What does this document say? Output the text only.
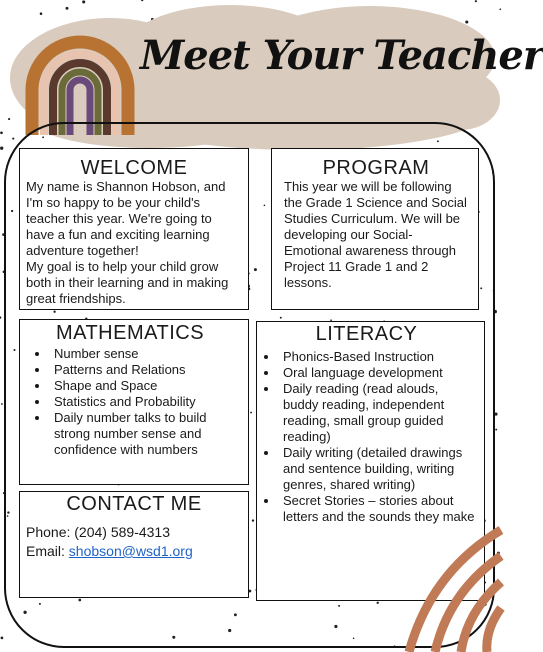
Meet Your Teacher
WELCOME

My name is Shannon Hobson, and I'm so happy to be your child's teacher this year. We're going to have a fun and exciting learning adventure together!

My goal is to help your child grow both in their learning and in making great friendships.

PROGRAM

This year we will be following the Grade 1 Science and Social Studies Curriculum. We will be developing our Social-Emotional awareness through Project 11 Grade 1 and 2 lessons.

MATHEMATICS
• Number sense
• Patterns and Relations
• Shape and Space
• Statistics and Probability
• Daily number talks to build strong number sense and confidence with numbers
LITERACY
• Phonics-Based Instruction
• Oral language development
• Daily reading (read alouds, buddy reading, independent reading, small group guided reading)
• Daily writing (detailed drawings and sentence building, writing genres, shared writing)
• Secret Stories – stories about letters and the sounds they make
CONTACT ME

Phone: (204) 589-4313

Email: shobson@wsd1.org
